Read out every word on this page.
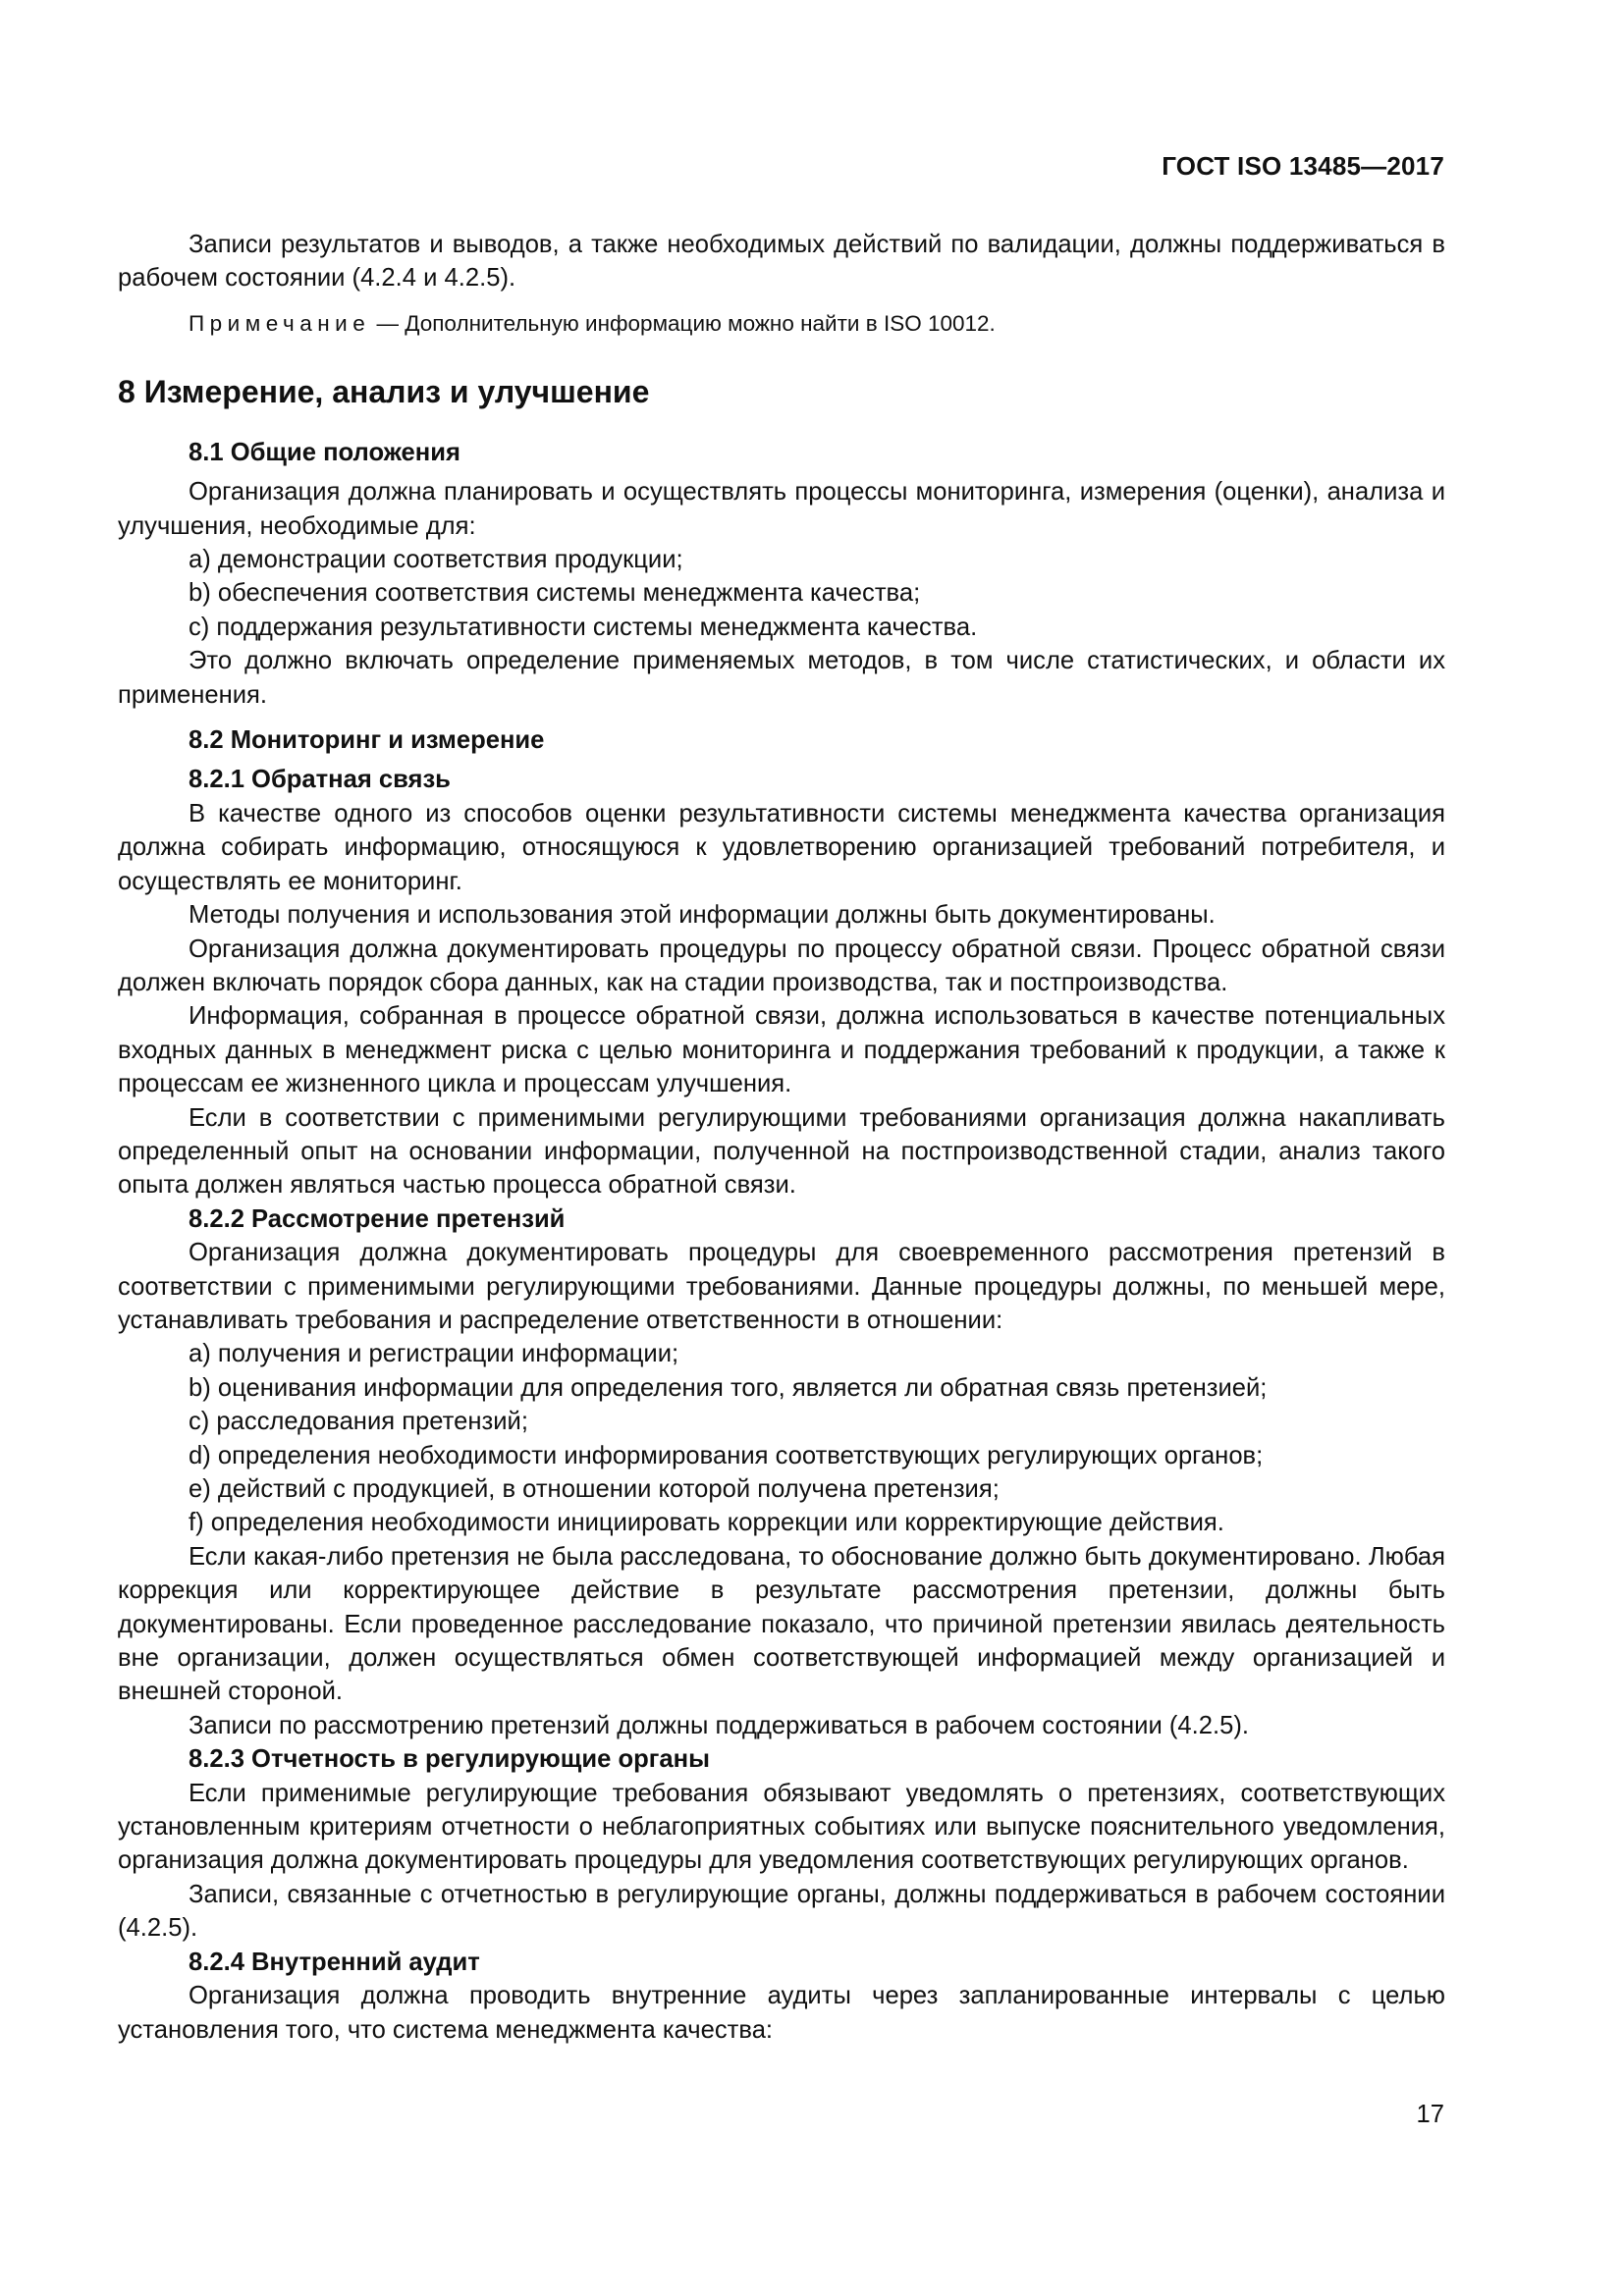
ГОСТ ISO 13485—2017

Записи результатов и выводов, а также необходимых действий по валидации, должны поддерживаться в рабочем состоянии (4.2.4 и 4.2.5).

Примечание — Дополнительную информацию можно найти в ISO 10012.

8 Измерение, анализ и улучшение
8.1 Общие положения

Организация должна планировать и осуществлять процессы мониторинга, измерения (оценки), анализа и улучшения, необходимые для:

a) демонстрации соответствия продукции;
b) обеспечения соответствия системы менеджмента качества;
c) поддержания результативности системы менеджмента качества.

Это должно включать определение применяемых методов, в том числе статистических, и области их применения.

8.2 Мониторинг и измерение
8.2.1 Обратная связь

В качестве одного из способов оценки результативности системы менеджмента качества организация должна собирать информацию, относящуюся к удовлетворению организацией требований потребителя, и осуществлять ее мониторинг.

Методы получения и использования этой информации должны быть документированы.

Организация должна документировать процедуры по процессу обратной связи. Процесс обратной связи должен включать порядок сбора данных, как на стадии производства, так и постпроизводства.

Информация, собранная в процессе обратной связи, должна использоваться в качестве потенциальных входных данных в менеджмент риска с целью мониторинга и поддержания требований к продукции, а также к процессам ее жизненного цикла и процессам улучшения.

Если в соответствии с применимыми регулирующими требованиями организация должна накапливать определенный опыт на основании информации, полученной на постпроизводственной стадии, анализ такого опыта должен являться частью процесса обратной связи.

8.2.2 Рассмотрение претензий

Организация должна документировать процедуры для своевременного рассмотрения претензий в соответствии с применимыми регулирующими требованиями. Данные процедуры должны, по меньшей мере, устанавливать требования и распределение ответственности в отношении:

a) получения и регистрации информации;
b) оценивания информации для определения того, является ли обратная связь претензией;
c) расследования претензий;
d) определения необходимости информирования соответствующих регулирующих органов;
e) действий с продукцией, в отношении которой получена претензия;
f) определения необходимости инициировать коррекции или корректирующие действия.

Если какая-либо претензия не была расследована, то обоснование должно быть документировано. Любая коррекция или корректирующее действие в результате рассмотрения претензии, должны быть документированы. Если проведенное расследование показало, что причиной претензии явилась деятельность вне организации, должен осуществляться обмен соответствующей информацией между организацией и внешней стороной.

Записи по рассмотрению претензий должны поддерживаться в рабочем состоянии (4.2.5).

8.2.3 Отчетность в регулирующие органы

Если применимые регулирующие требования обязывают уведомлять о претензиях, соответствующих установленным критериям отчетности о неблагоприятных событиях или выпуске пояснительного уведомления, организация должна документировать процедуры для уведомления соответствующих регулирующих органов.

Записи, связанные с отчетностью в регулирующие органы, должны поддерживаться в рабочем состоянии (4.2.5).

8.2.4 Внутренний аудит

Организация должна проводить внутренние аудиты через запланированные интервалы с целью установления того, что система менеджмента качества:

17
